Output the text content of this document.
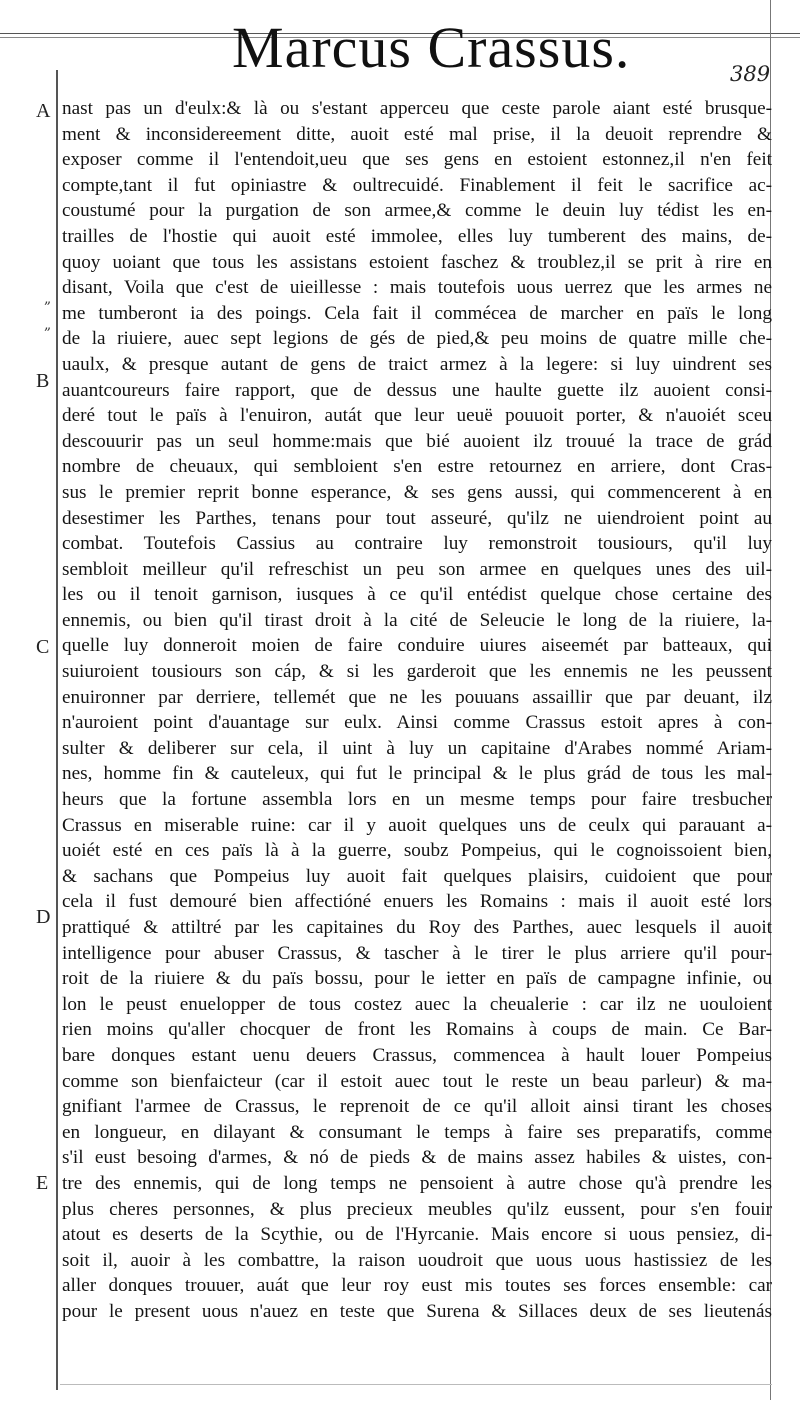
Marcus Crassus.	389
A
B
C
D
E
„
„
nast pas un d'eulx:& là ou s'estant apperceu que ceste parole aiant esté brusque-
ment & inconsidereement ditte, auoit esté mal prise, il la deuoit reprendre &
exposer comme il l'entendoit,ueu que ses gens en estoient estonnez,il n'en feit
compte,tant il fut opiniastre & oultrecuidé. Finablement il feit le sacrifice ac-
coustumé pour la purgation de son armee,& comme le deuin luy tédist les en-
trailles de l'hostie qui auoit esté immolee, elles luy tumberent des mains, de-
quoy uoiant que tous les assistans estoient faschez & troublez,il se prit à rire en
disant, Voila que c'est de uieillesse : mais toutefois uous uerrez que les armes ne
me tumberont ia des poings. Cela fait il commécea de marcher en païs le long
de la riuiere, auec sept legions de gés de pied,& peu moins de quatre mille che-
uaulx, & presque autant de gens de traict armez à la legere: si luy uindrent ses
auantcoureurs faire rapport, que de dessus une haulte guette ilz auoient consi-
deré tout le païs à l'enuiron, autát que leur ueuë pouuoit porter, & n'auoiét sceu
descouurir pas un seul homme:mais que bié auoient ilz trouué la trace de grád
nombre de cheuaux, qui sembloient s'en estre retournez en arriere, dont Cras-
sus le premier reprit bonne esperance, & ses gens aussi, qui commencerent à en
desestimer les Parthes, tenans pour tout asseuré, qu'ilz ne uiendroient point au
combat. Toutefois Cassius au contraire luy remonstroit tousiours, qu'il luy
sembloit meilleur qu'il refreschist un peu son armee en quelques unes des uil-
les ou il tenoit garnison, iusques à ce qu'il entédist quelque chose certaine des
ennemis, ou bien qu'il tirast droit à la cité de Seleucie le long de la riuiere, la-
quelle luy donneroit moien de faire conduire uiures aiseemét par batteaux, qui
suiuroient tousiours son cáp, & si les garderoit que les ennemis ne les peussent
enuironner par derriere, tellemét que ne les pouuans assaillir que par deuant, ilz
n'auroient point d'auantage sur eulx. Ainsi comme Crassus estoit apres à con-
sulter & deliberer sur cela, il uint à luy un capitaine d'Arabes nommé Ariam-
nes, homme fin & cauteleux, qui fut le principal & le plus grád de tous les mal-
heurs que la fortune assembla lors en un mesme temps pour faire tresbucher
Crassus en miserable ruine: car il y auoit quelques uns de ceulx qui parauant a-
uoiét esté en ces païs là à la guerre, soubz Pompeius, qui le cognoissoient bien,
& sachans que Pompeius luy auoit fait quelques plaisirs, cuidoient que pour
cela il fust demouré bien affectióné enuers les Romains : mais il auoit esté lors
prattiqué & attiltré par les capitaines du Roy des Parthes, auec lesquels il auoit
intelligence pour abuser Crassus, & tascher à le tirer le plus arriere qu'il pour-
roit de la riuiere & du païs bossu, pour le ietter en païs de campagne infinie, ou
lon le peust enuelopper de tous costez auec la cheualerie : car ilz ne uouloient
rien moins qu'aller chocquer de front les Romains à coups de main. Ce Bar-
bare donques estant uenu deuers Crassus, commencea à hault louer Pompeius
comme son bienfaicteur (car il estoit auec tout le reste un beau parleur) & ma-
gnifiant l'armee de Crassus, le reprenoit de ce qu'il alloit ainsi tirant les choses
en longueur, en dilayant & consumant le temps à faire ses preparatifs, comme
s'il eust besoing d'armes, & nó de pieds & de mains assez habiles & uistes, con-
tre des ennemis, qui de long temps ne pensoient à autre chose qu'à prendre les
plus cheres personnes, & plus precieux meubles qu'ilz eussent, pour s'en fouir
atout es deserts de la Scythie, ou de l'Hyrcanie. Mais encore si uous pensiez, di-
soit il, auoir à les combattre, la raison uoudroit que uous uous hastissiez de les
aller donques trouuer, auát que leur roy eust mis toutes ses forces ensemble: car
pour le present uous n'auez en teste que Surena & Sillaces deux de ses lieutenás
